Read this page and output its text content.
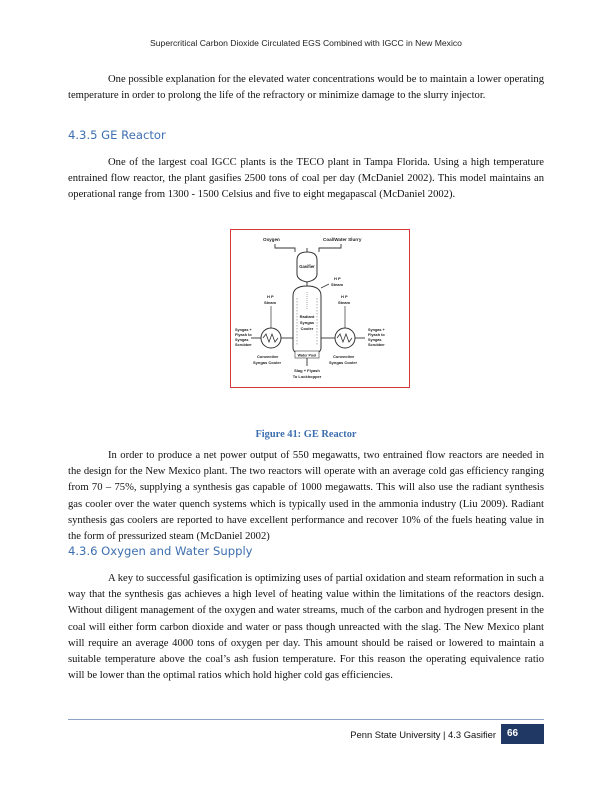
Supercritical Carbon Dioxide Circulated EGS Combined with IGCC in New Mexico

One possible explanation for the elevated water concentrations would be to maintain a lower operating temperature in order to prolong the life of the refractory or minimize damage to the slurry injector.

4.3.5 GE Reactor

One of the largest coal IGCC plants is the TECO plant in Tampa Florida. Using a high temperature entrained flow reactor, the plant gasifies 2500 tons of coal per day (McDaniel 2002). This model maintains an operational range from 1300 - 1500 Celsius and five to eight megapascal (McDaniel 2002).

Oxygen	Coal/Water Slurry
Gasifier
H P
Steam
Radiant
Syngas
Cooler
Water Pool
H P
Steam
H P
Steam
Syngas +
Flyash to
Syngas
Scrubber
Convective
Syngas Cooler
Syngas +
Flyash to
Syngas
Scrubber
Convective
Syngas Cooler
Slag + Flyash
To Lockhopper
Figure 41: GE Reactor

In order to produce a net power output of 550 megawatts, two entrained flow reactors are needed in the design for the New Mexico plant. The two reactors will operate with an average cold gas efficiency ranging from 70 – 75%, supplying a synthesis gas capable of 1000 megawatts. This will also use the radiant synthesis gas cooler over the water quench systems which is typically used in the ammonia industry (Liu 2009). Radiant synthesis gas coolers are reported to have excellent performance and recover 10% of the fuels heating value in the form of pressurized steam (McDaniel 2002)

4.3.6 Oxygen and Water Supply

A key to successful gasification is optimizing uses of partial oxidation and steam reformation in such a way that the synthesis gas achieves a high level of heating value within the limitations of the reactors design. Without diligent management of the oxygen and water streams, much of the carbon and hydrogen present in the coal will either form carbon dioxide and water or pass though unreacted with the slag. The New Mexico plant will require an average 4000 tons of oxygen per day. This amount should be raised or lowered to maintain a suitable temperature above the coal’s ash fusion temperature. For this reason the operating equivalence ratio will be lower than the optimal ratios which hold higher cold gas efficiencies.

Penn State University | 4.3 Gasifier	66
